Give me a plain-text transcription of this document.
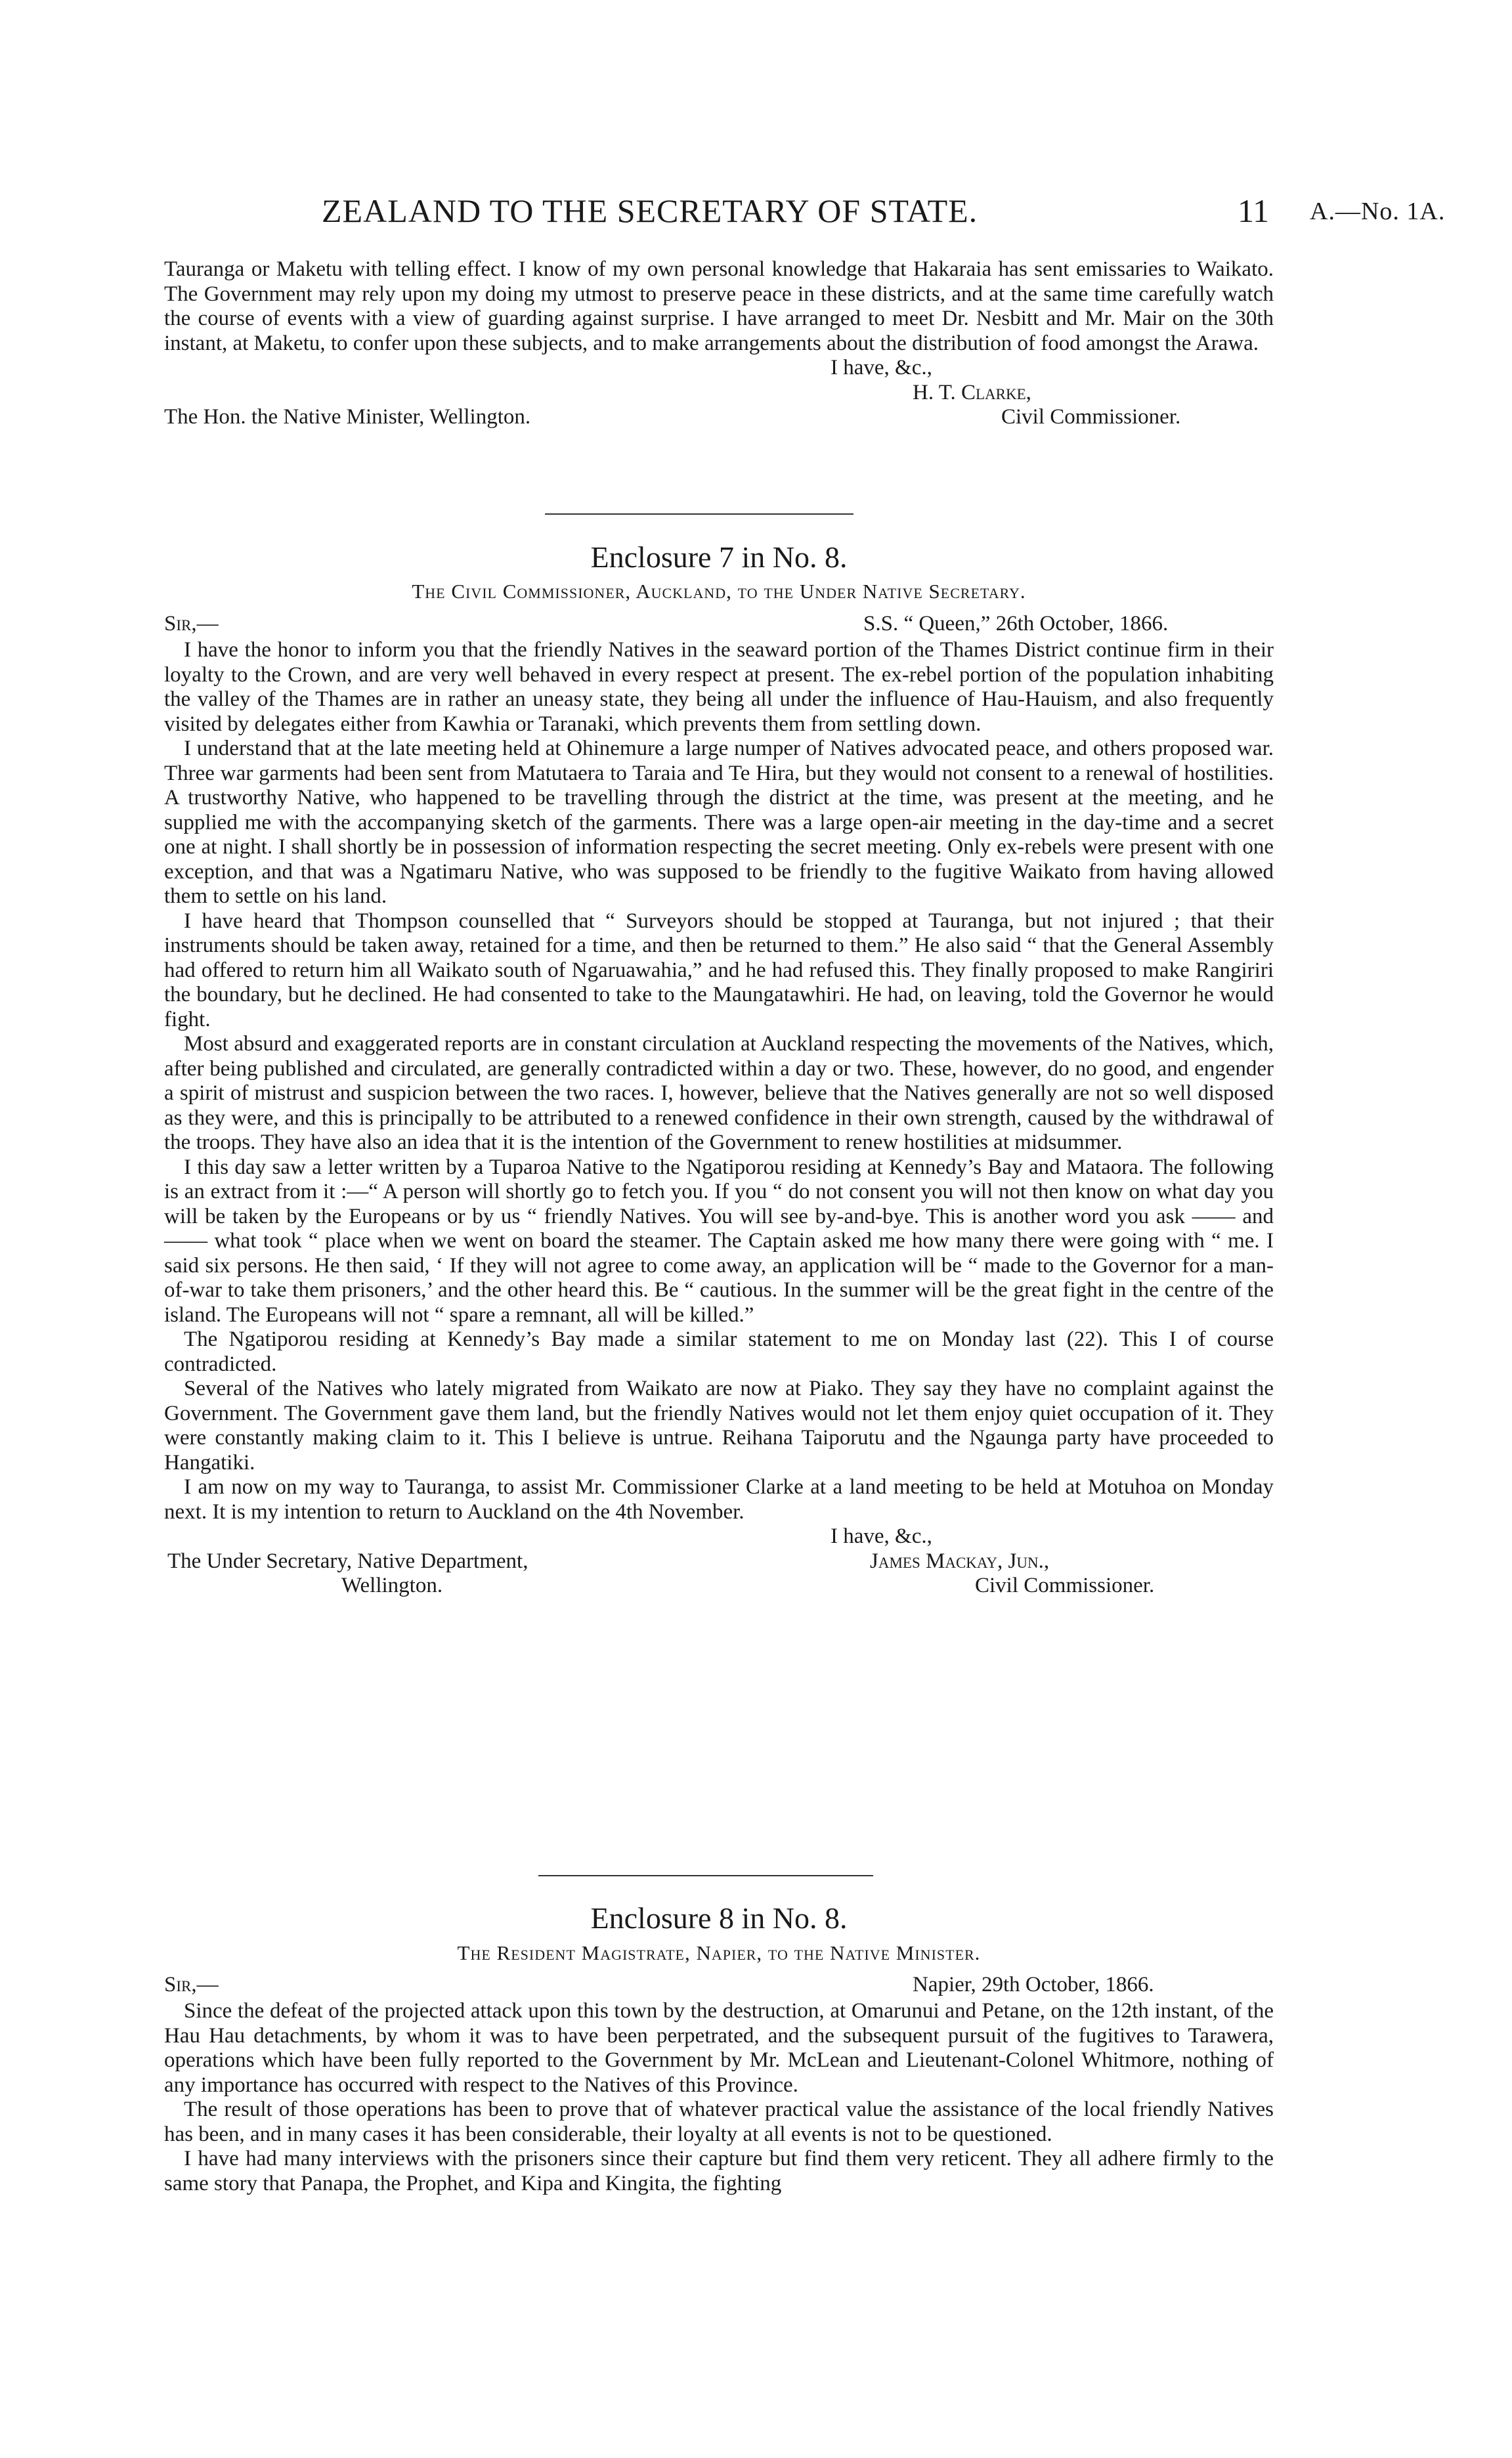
ZEALAND TO THE SECRETARY OF STATE.	11 A.—No. 1A.

Tauranga or Maketu with telling effect. I know of my own personal knowledge that Hakaraia has sent emissaries to Waikato. The Government may rely upon my doing my utmost to preserve peace in these districts, and at the same time carefully watch the course of events with a view of guarding against surprise. I have arranged to meet Dr. Nesbitt and Mr. Mair on the 30th instant, at Maketu, to confer upon these subjects, and to make arrangements about the distribution of food amongst the Arawa.

I have, &c.,
H. T. Clarke,
The Hon. the Native Minister, Wellington.	Civil Commissioner.
Enclosure 7 in No. 8.
The Civil Commissioner, Auckland, to the Under Native Secretary.
Sir,—	S.S. “ Queen,” 26th October, 1866.

I have the honor to inform you that the friendly Natives in the seaward portion of the Thames District continue firm in their loyalty to the Crown, and are very well behaved in every respect at present. The ex-rebel portion of the population inhabiting the valley of the Thames are in rather an uneasy state, they being all under the influence of Hau-Hauism, and also frequently visited by delegates either from Kawhia or Taranaki, which prevents them from settling down.

I understand that at the late meeting held at Ohinemure a large numper of Natives advocated peace, and others proposed war. Three war garments had been sent from Matutaera to Taraia and Te Hira, but they would not consent to a renewal of hostilities. A trustworthy Native, who happened to be travelling through the district at the time, was present at the meeting, and he supplied me with the accompanying sketch of the garments. There was a large open-air meeting in the day-time and a secret one at night. I shall shortly be in possession of information respecting the secret meeting. Only ex-rebels were present with one exception, and that was a Ngatimaru Native, who was supposed to be friendly to the fugitive Waikato from having allowed them to settle on his land.

I have heard that Thompson counselled that “ Surveyors should be stopped at Tauranga, but not injured ; that their instruments should be taken away, retained for a time, and then be returned to them.” He also said “ that the General Assembly had offered to return him all Waikato south of Ngaruawahia,” and he had refused this. They finally proposed to make Rangiriri the boundary, but he declined. He had consented to take to the Maungatawhiri. He had, on leaving, told the Governor he would fight.

Most absurd and exaggerated reports are in constant circulation at Auckland respecting the movements of the Natives, which, after being published and circulated, are generally contradicted within a day or two. These, however, do no good, and engender a spirit of mistrust and suspicion between the two races. I, however, believe that the Natives generally are not so well disposed as they were, and this is principally to be attributed to a renewed confidence in their own strength, caused by the withdrawal of the troops. They have also an idea that it is the intention of the Government to renew hostilities at midsummer.

I this day saw a letter written by a Tuparoa Native to the Ngatiporou residing at Kennedy’s Bay and Mataora. The following is an extract from it :—“ A person will shortly go to fetch you. If you “ do not consent you will not then know on what day you will be taken by the Europeans or by us “ friendly Natives. You will see by-and-bye. This is another word you ask —— and —— what took “ place when we went on board the steamer. The Captain asked me how many there were going with “ me. I said six persons. He then said, ‘ If they will not agree to come away, an application will be “ made to the Governor for a man-of-war to take them prisoners,’ and the other heard this. Be “ cautious. In the summer will be the great fight in the centre of the island. The Europeans will not “ spare a remnant, all will be killed.”

The Ngatiporou residing at Kennedy’s Bay made a similar statement to me on Monday last (22). This I of course contradicted.

Several of the Natives who lately migrated from Waikato are now at Piako. They say they have no complaint against the Government. The Government gave them land, but the friendly Natives would not let them enjoy quiet occupation of it. They were constantly making claim to it. This I believe is untrue. Reihana Taiporutu and the Ngaunga party have proceeded to Hangatiki.

I am now on my way to Tauranga, to assist Mr. Commissioner Clarke at a land meeting to be held at Motuhoa on Monday next. It is my intention to return to Auckland on the 4th November.

I have, &c.,
The Under Secretary, Native Department,	James Mackay, Jun.,
Wellington.	Civil Commissioner.
Enclosure 8 in No. 8.
The Resident Magistrate, Napier, to the Native Minister.
Sir,—	Napier, 29th October, 1866.

Since the defeat of the projected attack upon this town by the destruction, at Omarunui and Petane, on the 12th instant, of the Hau Hau detachments, by whom it was to have been perpetrated, and the subsequent pursuit of the fugitives to Tarawera, operations which have been fully reported to the Government by Mr. McLean and Lieutenant-Colonel Whitmore, nothing of any importance has occurred with respect to the Natives of this Province.

The result of those operations has been to prove that of whatever practical value the assistance of the local friendly Natives has been, and in many cases it has been considerable, their loyalty at all events is not to be questioned.

I have had many interviews with the prisoners since their capture but find them very reticent. They all adhere firmly to the same story that Panapa, the Prophet, and Kipa and Kingita, the fighting
